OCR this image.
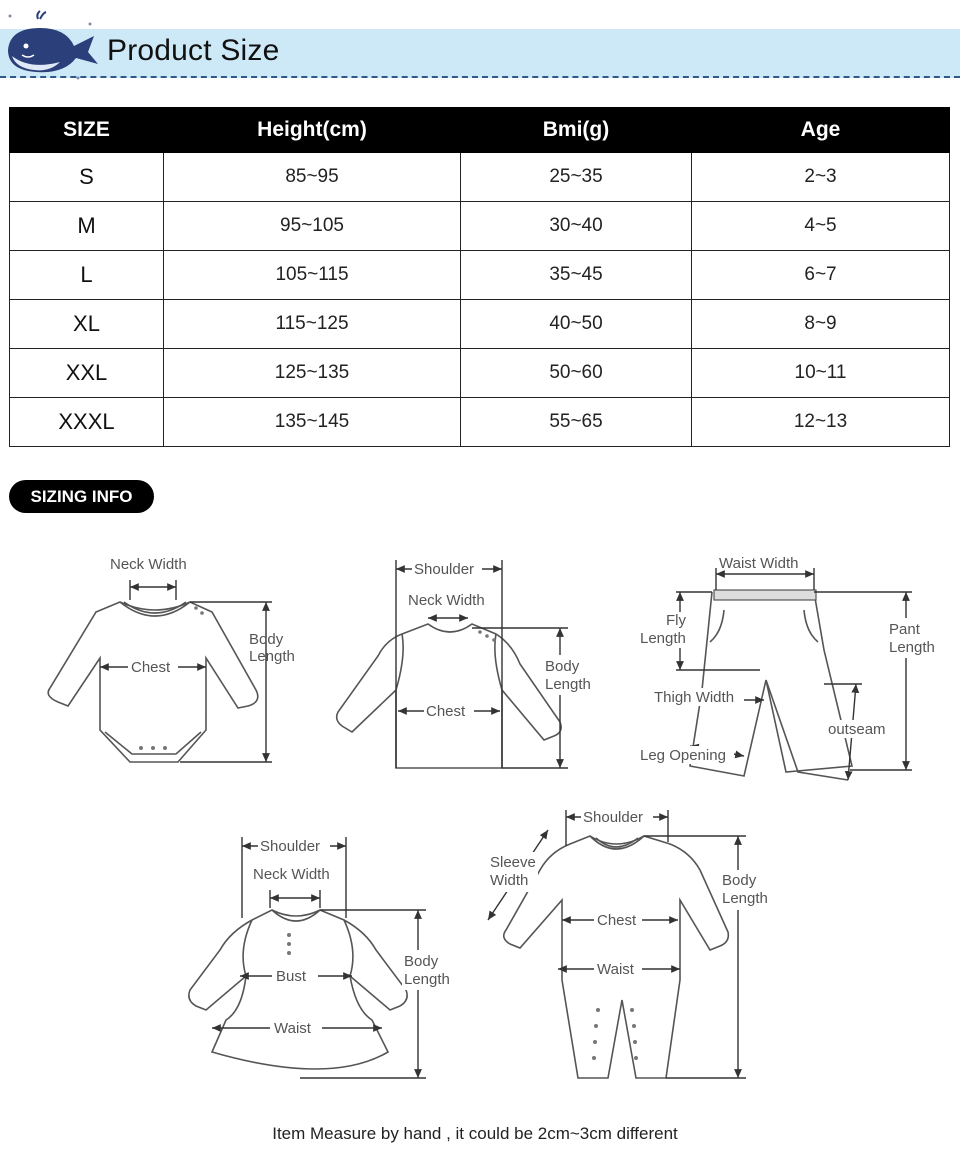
Product Size
SIZE	Height(cm)	Bmi(g)	Age
S	85~95	25~35	2~3
M	95~105	30~40	4~5
L	105~115	35~45	6~7
XL	115~125	40~50	8~9
XXL	125~135	50~60	10~11
XXXL	135~145	55~65	12~13
SIZING INFO
Neck Width
Chest
Body
Length
Shoulder
Neck Width
Chest
Body
Length
Waist Width
Fly
Length
Pant
Length
Thigh Width
outseam
Leg Opening
Shoulder
Neck Width
Bust
Waist
Body
Length
Shoulder
Sleeve
Width
Chest
Waist
Body
Length
Item Measure by hand , it could be 2cm~3cm different
